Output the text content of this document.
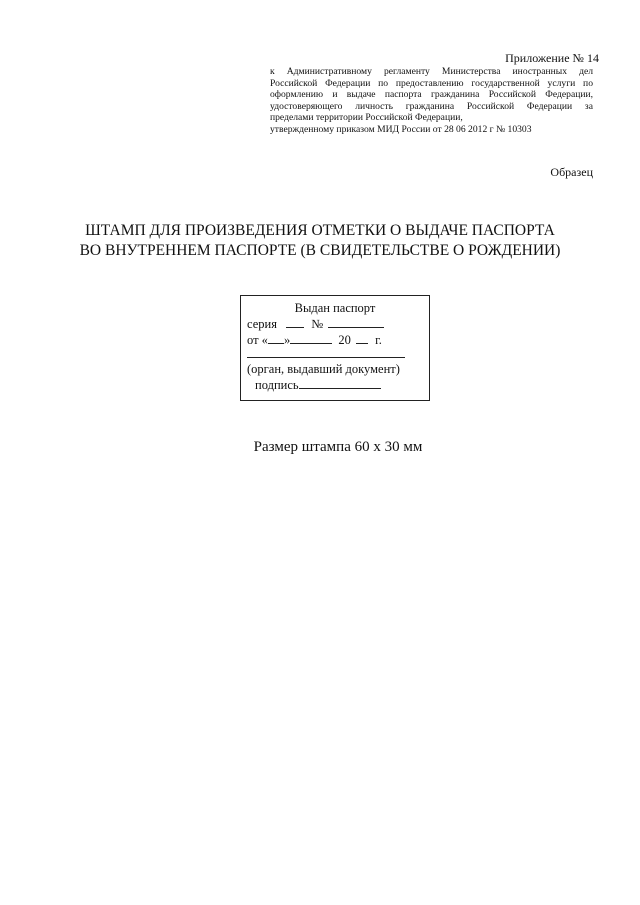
Приложение № 14
к Административному регламенту Министерства иностранных дел
Российской Федерации по предоставлению государственной услуги по
оформлению и выдаче паспорта гражданина Российской Федерации,
удостоверяющего личность гражданина Российской Федерации за
пределами территории Российской Федерации,
утвержденному приказом МИД России от 28 06 2012 г № 10303
Образец
ШТАМП ДЛЯ ПРОИЗВЕДЕНИЯ ОТМЕТКИ О ВЫДАЧЕ ПАСПОРТА
ВО ВНУТРЕННЕМ ПАСПОРТЕ (В СВИДЕТЕЛЬСТВЕ О РОЖДЕНИИ)
Выдан паспорт
серия	№
от « »	20 г.
(орган, выдавший документ)
подпись
Размер штампа 60 х 30 мм
